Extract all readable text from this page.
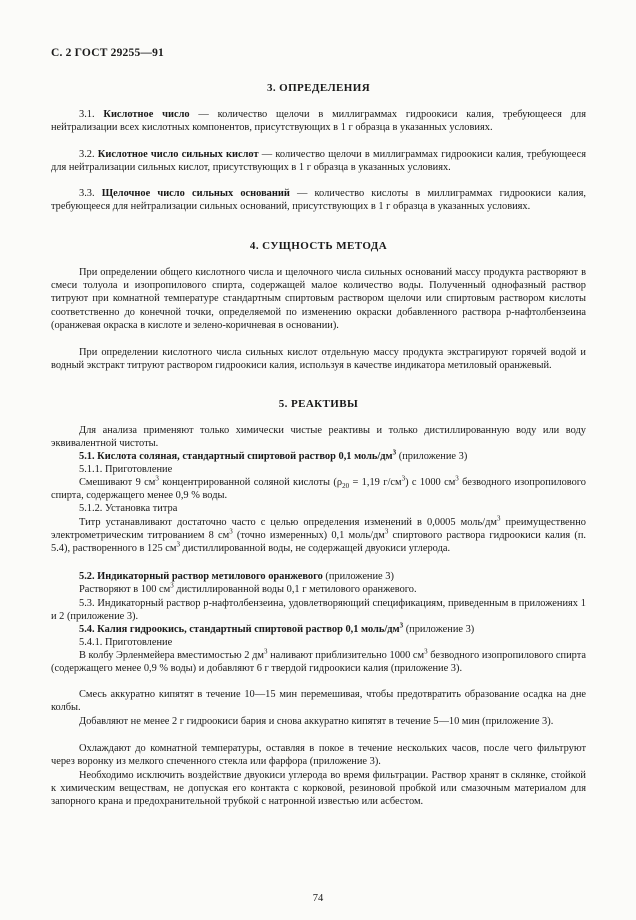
С. 2 ГОСТ 29255—91
3. ОПРЕДЕЛЕНИЯ
3.1. Кислотное число — количество щелочи в миллиграммах гидроокиси калия, требующееся для нейтрализации всех кислотных компонентов, присутствующих в 1 г образца в указанных условиях.
3.2. Кислотное число сильных кислот — количество щелочи в миллиграммах гидроокиси калия, требующееся для нейтрализации сильных кислот, присутствующих в 1 г образца в указанных условиях.
3.3. Щелочное число сильных оснований — количество кислоты в миллиграммах гидроокиси калия, требующееся для нейтрализации сильных оснований, присутствующих в 1 г образца в указанных условиях.
4. СУЩНОСТЬ МЕТОДА
При определении общего кислотного числа и щелочного числа сильных оснований массу продукта растворяют в смеси толуола и изопропилового спирта, содержащей малое количество воды. Полученный однофазный раствор титруют при комнатной температуре стандартным спиртовым раствором щелочи или спиртовым раствором кислоты соответственно до конечной точки, определяемой по изменению окраски добавленного раствора р-нафтолбензеина (оранжевая окраска в кислоте и зелено-коричневая в основании).
При определении кислотного числа сильных кислот отдельную массу продукта экстрагируют горячей водой и водный экстракт титруют раствором гидроокиси калия, используя в качестве индикатора метиловый оранжевый.
5. РЕАКТИВЫ
Для анализа применяют только химически чистые реактивы и только дистиллированную воду или воду эквивалентной чистоты.
5.1. Кислота соляная, стандартный спиртовой раствор 0,1 моль/$дм^3$ (приложение 3)
5.1.1. Приготовление
Смешивают 9 $см^3$ концентрированной соляной кислоты ($\rho_{20} = 1,19$ $г/см^3$) с 1000 $см^3$ безводного изопропилового спирта, содержащего менее 0,9 % воды.
5.1.2. Установка титра
Титр устанавливают достаточно часто с целью определения изменений в 0,0005 моль/$дм^3$ преимущественно электрометрическим титрованием 8 $см^3$ (точно измеренных) 0,1 моль/$дм^3$ спиртового раствора гидроокиси калия (п. 5.4), растворенного в 125 $см^3$ дистиллированной воды, не содержащей двуокиси углерода.
5.2. Индикаторный раствор метилового оранжевого (приложение 3)
Растворяют в 100 $см^3$ дистиллированной воды 0,1 г метилового оранжевого.
5.3. Индикаторный раствор р-нафтолбензеина, удовлетворяющий спецификациям, приведенным в приложениях 1 и 2 (приложение 3).
5.4. Калия гидроокись, стандартный спиртовой раствор 0,1 моль/$дм^3$ (приложение 3)
5.4.1. Приготовление
В колбу Эрленмейера вместимостью 2 $дм^3$ наливают приблизительно 1000 $см^3$ безводного изопропилового спирта (содержащего менее 0,9 % воды) и добавляют 6 г твердой гидроокиси калия (приложение 3).
Смесь аккуратно кипятят в течение 10—15 мин перемешивая, чтобы предотвратить образование осадка на дне колбы.
Добавляют не менее 2 г гидроокиси бария и снова аккуратно кипятят в течение 5—10 мин (приложение 3).
Охлаждают до комнатной температуры, оставляя в покое в течение нескольких часов, после чего фильтруют через воронку из мелкого спеченного стекла или фарфора (приложение 3).
Необходимо исключить воздействие двуокиси углерода во время фильтрации. Раствор хранят в склянке, стойкой к химическим веществам, не допуская его контакта с корковой, резиновой пробкой или смазочным материалом для запорного крана и предохранительной трубкой с натронной известью или асбестом.
74
